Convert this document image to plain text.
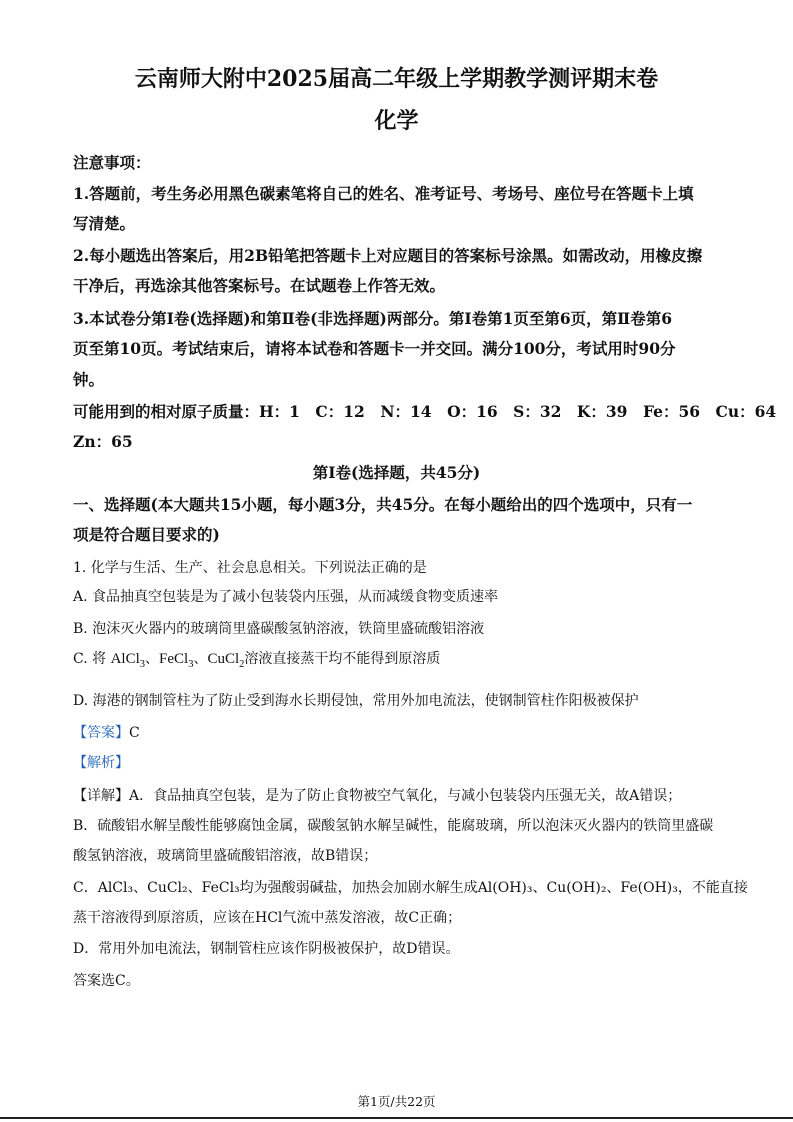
云南师大附中2025届高二年级上学期教学测评期末卷
化学
注意事项：
1.答题前，考生务必用黑色碳素笔将自己的姓名、准考证号、考场号、座位号在答题卡上填
写清楚。
2.每小题选出答案后，用2B铅笔把答题卡上对应题目的答案标号涂黑。如需改动，用橡皮擦
干净后，再选涂其他答案标号。在试题卷上作答无效。
3.本试卷分第Ⅰ卷(选择题)和第Ⅱ卷(非选择题)两部分。第Ⅰ卷第1页至第6页，第Ⅱ卷第6
页至第10页。考试结束后，请将本试卷和答题卡一并交回。满分100分，考试用时90分
钟。
可能用到的相对原子质量：H：1　C：12　N：14　O：16　S：32　K：39　Fe：56　Cu：64
Zn：65
第Ⅰ卷(选择题，共45分)
一、选择题(本大题共15小题，每小题3分，共45分。在每小题给出的四个选项中，只有一
项是符合题目要求的)
1. 化学与生活、生产、社会息息相关。下列说法正确的是
A. 食品抽真空包装是为了减小包装袋内压强，从而减缓食物变质速率
B. 泡沫灭火器内的玻璃筒里盛碳酸氢钠溶液，铁筒里盛硫酸铝溶液
C. 将 AlCl$_3$、FeCl$_3$、CuCl$_2$溶液直接蒸干均不能得到原溶质
D. 海港的钢制管柱为了防止受到海水长期侵蚀，常用外加电流法，使钢制管柱作阳极被保护
【答案】C
【解析】
【详解】A．食品抽真空包装，是为了防止食物被空气氧化，与减小包装袋内压强无关，故A错误；
B．硫酸铝水解呈酸性能够腐蚀金属，碳酸氢钠水解呈碱性，能腐玻璃，所以泡沫灭火器内的铁筒里盛碳
酸氢钠溶液，玻璃筒里盛硫酸铝溶液，故B错误；
C．AlCl₃、CuCl₂、FeCl₃均为强酸弱碱盐，加热会加剧水解生成Al(OH)₃、Cu(OH)₂、Fe(OH)₃，不能直接
蒸干溶液得到原溶质，应该在HCl气流中蒸发溶液，故C正确；
D．常用外加电流法，钢制管柱应该作阴极被保护，故D错误。
答案选C。
第1页/共22页
